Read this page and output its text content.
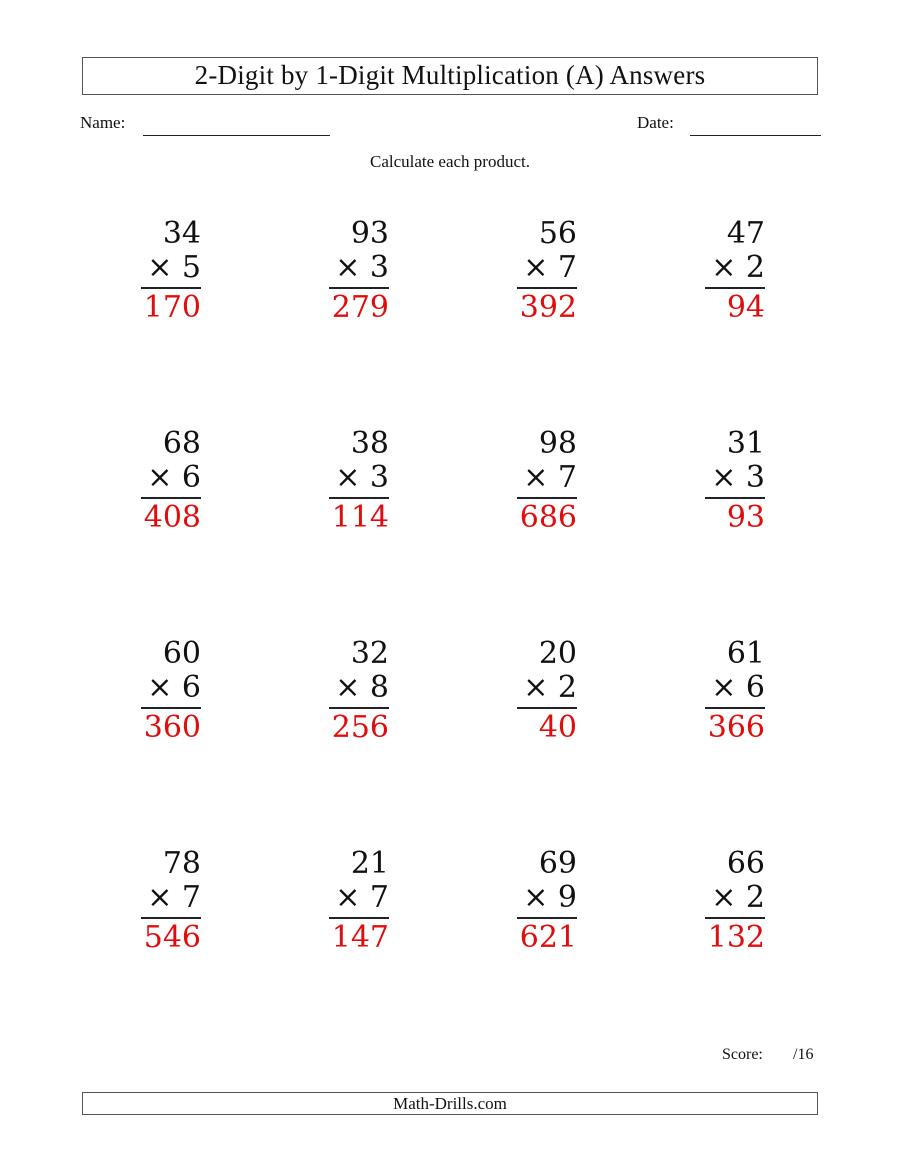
2-Digit by 1-Digit Multiplication (A) Answers
Name:	Date:
Calculate each product.
34
× 5
170
93
× 3
279
56
× 7
392
47
× 2
94
68
× 6
408
38
× 3
114
98
× 7
686
31
× 3
93
60
× 6
360
32
× 8
256
20
× 2
40
61
× 6
366
78
× 7
546
21
× 7
147
69
× 9
621
66
× 2
132
Score: /16
Math-Drills.com
